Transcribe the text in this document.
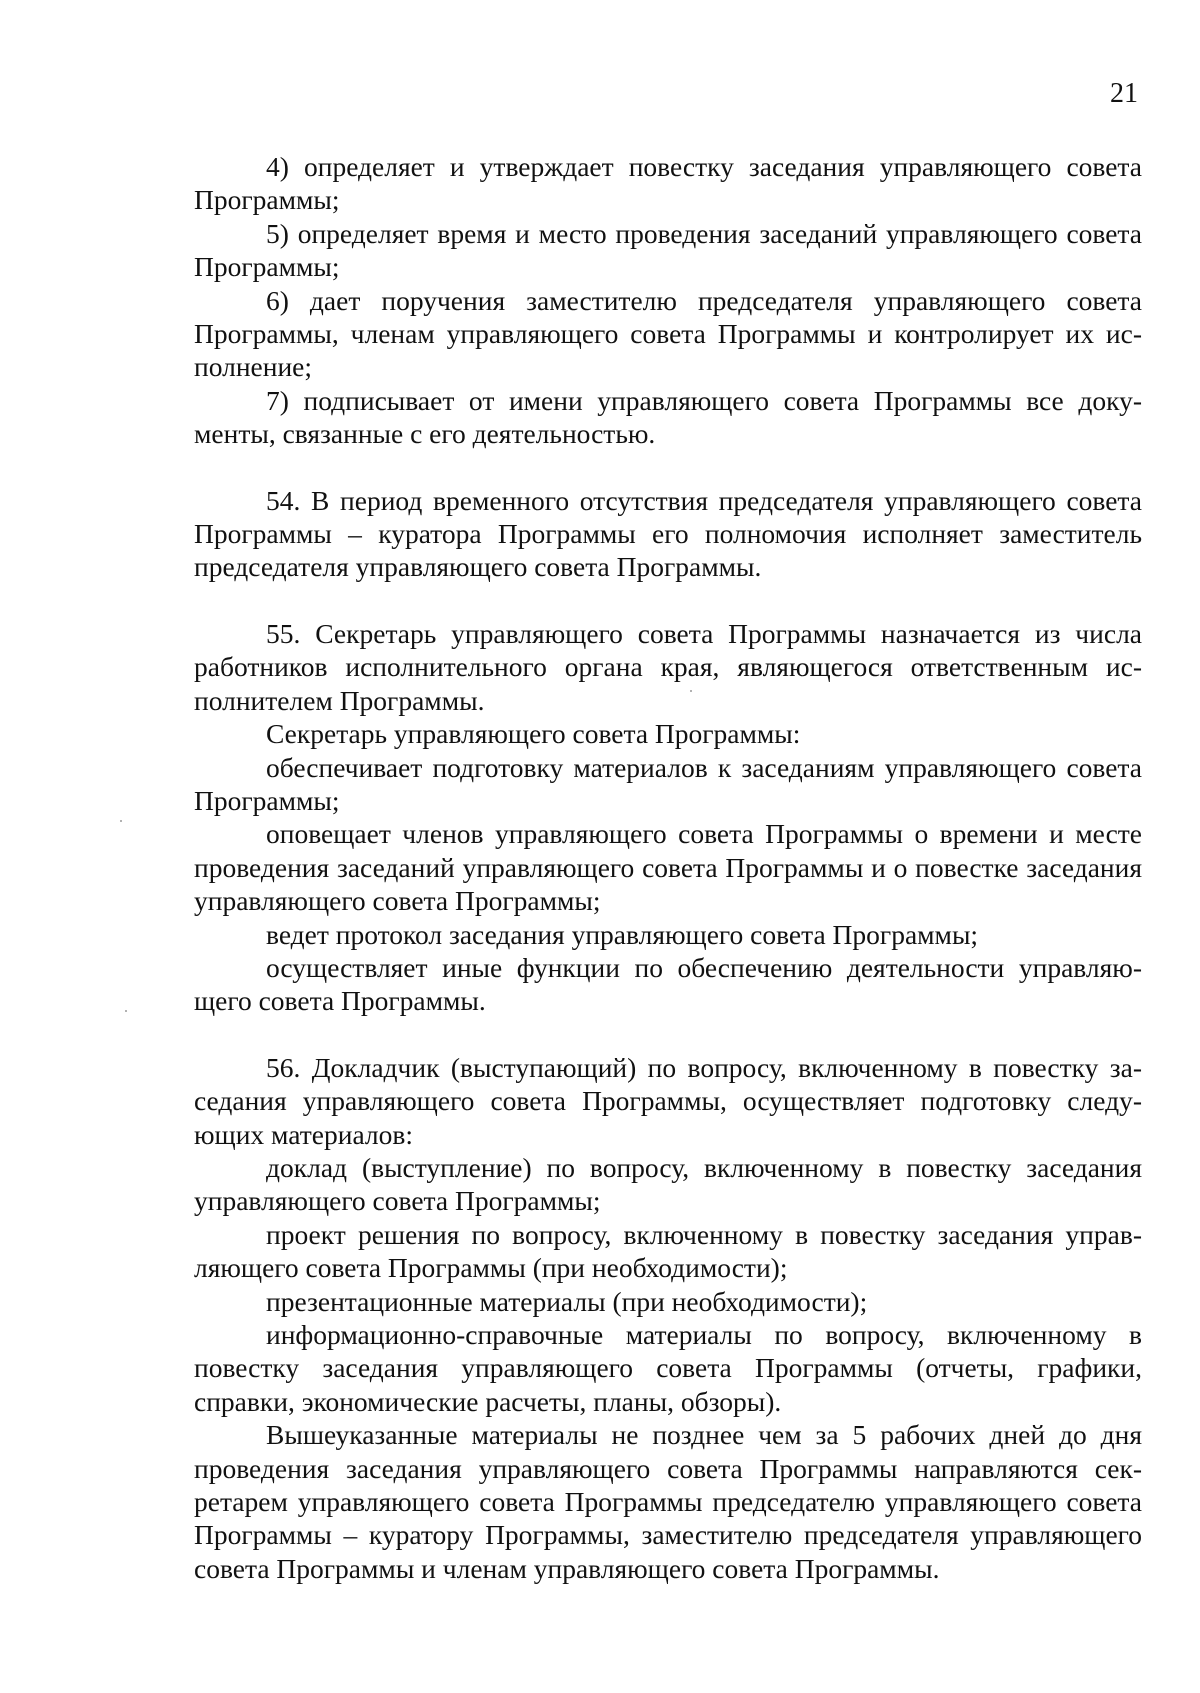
21

4) определяет и утверждает повестку заседания управляющего совета Программы;

5) определяет время и место проведения заседаний управляющего совета Программы;

6) дает поручения заместителю председателя управляющего совета Программы, членам управляющего совета Программы и контролирует их исполнение;

7) подписывает от имени управляющего совета Программы все документы, связанные с его деятельностью.

54. В период временного отсутствия председателя управляющего совета Программы – куратора Программы его полномочия исполняет заместитель председателя управляющего совета Программы.

55. Секретарь управляющего совета Программы назначается из числа работников исполнительного органа края, являющегося ответственным исполнителем Программы.

Секретарь управляющего совета Программы:

обеспечивает подготовку материалов к заседаниям управляющего совета Программы;

оповещает членов управляющего совета Программы о времени и месте проведения заседаний управляющего совета Программы и о повестке заседания управляющего совета Программы;

ведет протокол заседания управляющего совета Программы;

осуществляет иные функции по обеспечению деятельности управляющего совета Программы.

56. Докладчик (выступающий) по вопросу, включенному в повестку заседания управляющего совета Программы, осуществляет подготовку следующих материалов:

доклад (выступление) по вопросу, включенному в повестку заседания управляющего совета Программы;

проект решения по вопросу, включенному в повестку заседания управляющего совета Программы (при необходимости);

презентационные материалы (при необходимости);

информационно-справочные материалы по вопросу, включенному в повестку заседания управляющего совета Программы (отчеты, графики, справки, экономические расчеты, планы, обзоры).

Вышеуказанные материалы не позднее чем за 5 рабочих дней до дня проведения заседания управляющего совета Программы направляются секретарем управляющего совета Программы председателю управляющего совета Программы – куратору Программы, заместителю председателя управляющего совета Программы и членам управляющего совета Программы.
